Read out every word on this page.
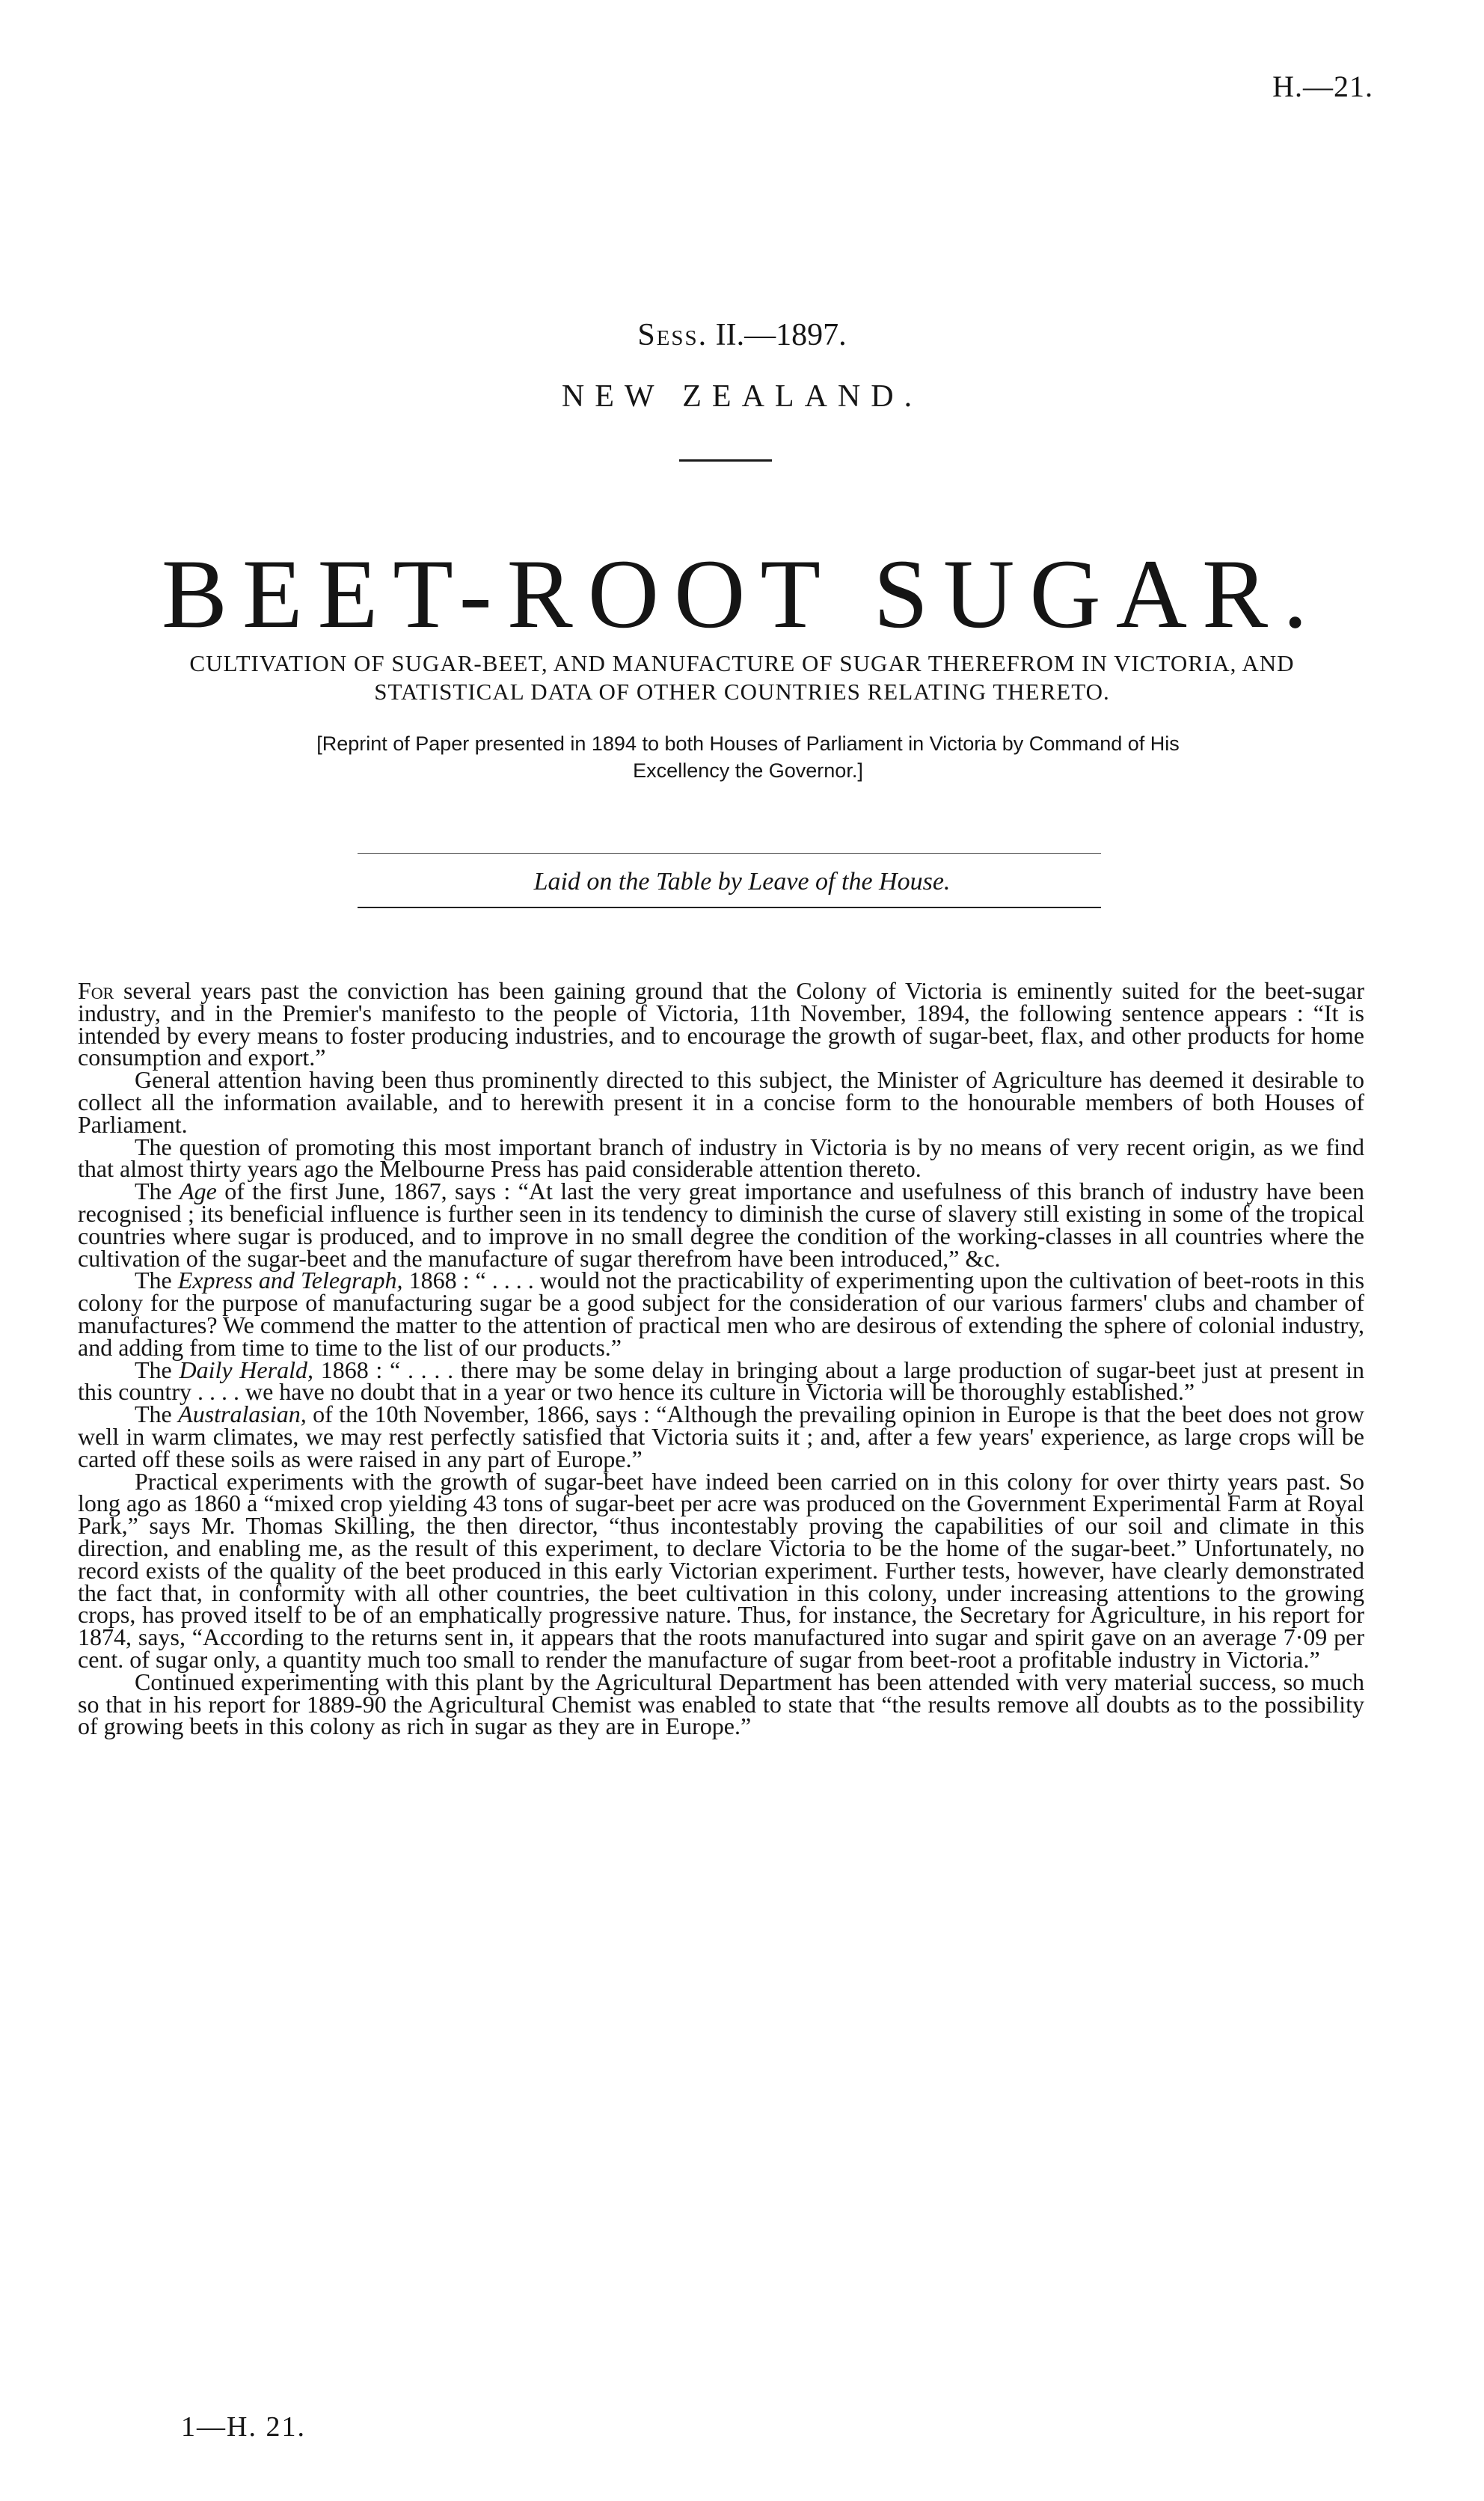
H.—21.
Sess. II.—1897.
NEW ZEALAND.
BEET-ROOT SUGAR.
CULTIVATION OF SUGAR-BEET, AND MANUFACTURE OF SUGAR THEREFROM IN VICTORIA, AND
STATISTICAL DATA OF OTHER COUNTRIES RELATING THERETO.
[Reprint of Paper presented in 1894 to both Houses of Parliament in Victoria by Command of His
Excellency the Governor.]
Laid on the Table by Leave of the House.

For several years past the conviction has been gaining ground that the Colony of Victoria is eminently suited for the beet-sugar industry, and in the Premier's manifesto to the people of Victoria, 11th November, 1894, the following sentence appears : “It is intended by every means to foster producing industries, and to encourage the growth of sugar-beet, flax, and other products for home consumption and export.”

General attention having been thus prominently directed to this subject, the Minister of Agriculture has deemed it desirable to collect all the information available, and to herewith present it in a concise form to the honourable members of both Houses of Parliament.

The question of promoting this most important branch of industry in Victoria is by no means of very recent origin, as we find that almost thirty years ago the Melbourne Press has paid considerable attention thereto.

The Age of the first June, 1867, says : “At last the very great importance and usefulness of this branch of industry have been recognised ; its beneficial influence is further seen in its tendency to diminish the curse of slavery still existing in some of the tropical countries where sugar is produced, and to improve in no small degree the condition of the working-classes in all countries where the cultivation of the sugar-beet and the manufacture of sugar therefrom have been introduced,” &c.

The Express and Telegraph, 1868 : “ . . . . would not the practicability of experimenting upon the cultivation of beet-roots in this colony for the purpose of manufacturing sugar be a good subject for the consideration of our various farmers' clubs and chamber of manufactures? We commend the matter to the attention of practical men who are desirous of extending the sphere of colonial industry, and adding from time to time to the list of our products.”

The Daily Herald, 1868 : “ . . . . there may be some delay in bringing about a large production of sugar-beet just at present in this country . . . . we have no doubt that in a year or two hence its culture in Victoria will be thoroughly established.”

The Australasian, of the 10th November, 1866, says : “Although the prevailing opinion in Europe is that the beet does not grow well in warm climates, we may rest perfectly satisfied that Victoria suits it ; and, after a few years' experience, as large crops will be carted off these soils as were raised in any part of Europe.”

Practical experiments with the growth of sugar-beet have indeed been carried on in this colony for over thirty years past. So long ago as 1860 a “mixed crop yielding 43 tons of sugar-beet per acre was produced on the Government Experimental Farm at Royal Park,” says Mr. Thomas Skilling, the then director, “thus incontestably proving the capabilities of our soil and climate in this direction, and enabling me, as the result of this experiment, to declare Victoria to be the home of the sugar-beet.” Unfortunately, no record exists of the quality of the beet produced in this early Victorian experiment. Further tests, however, have clearly demonstrated the fact that, in conformity with all other countries, the beet cultivation in this colony, under increasing attentions to the growing crops, has proved itself to be of an emphatically progressive nature. Thus, for instance, the Secretary for Agriculture, in his report for 1874, says, “According to the returns sent in, it appears that the roots manufactured into sugar and spirit gave on an average 7·09 per cent. of sugar only, a quantity much too small to render the manufacture of sugar from beet-root a profitable industry in Victoria.”

Continued experimenting with this plant by the Agricultural Department has been attended with very material success, so much so that in his report for 1889-90 the Agricultural Chemist was enabled to state that “the results remove all doubts as to the possibility of growing beets in this colony as rich in sugar as they are in Europe.”

1—H. 21.
